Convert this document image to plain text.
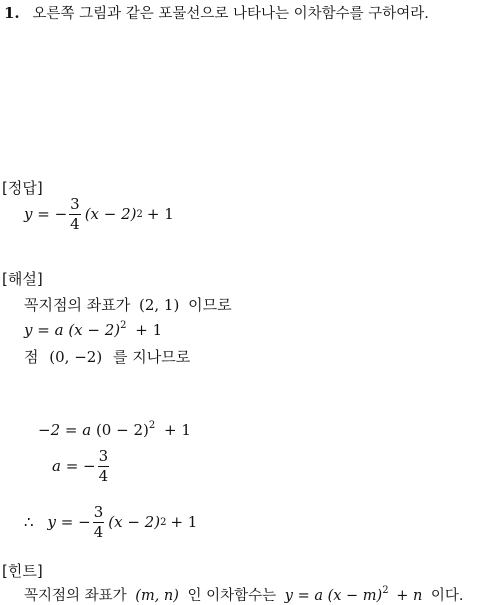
1. 오른쪽 그림과 같은 포물선으로 나타나는 이차함수를 구하여라.
[정답]
y = − $\frac{3}{4} (x - 2) 2 + 1$
[해설]
꼭지점의 좌표가 (2, 1) 이므로
y = a $(x - 2)^2 + 1$
점 (0, −2) 를 지나므로
−2 = a $(0 - 2)^2 + 1$
a = − $\frac{3}{4}$
∴ y = − $\frac{3}{4} (x - 2) 2 + 1$
[힌트]
꼭지점의 좌표가 (m, n) 인 이차함수는 y = a $(x - m)^2 + n$ 이다.
